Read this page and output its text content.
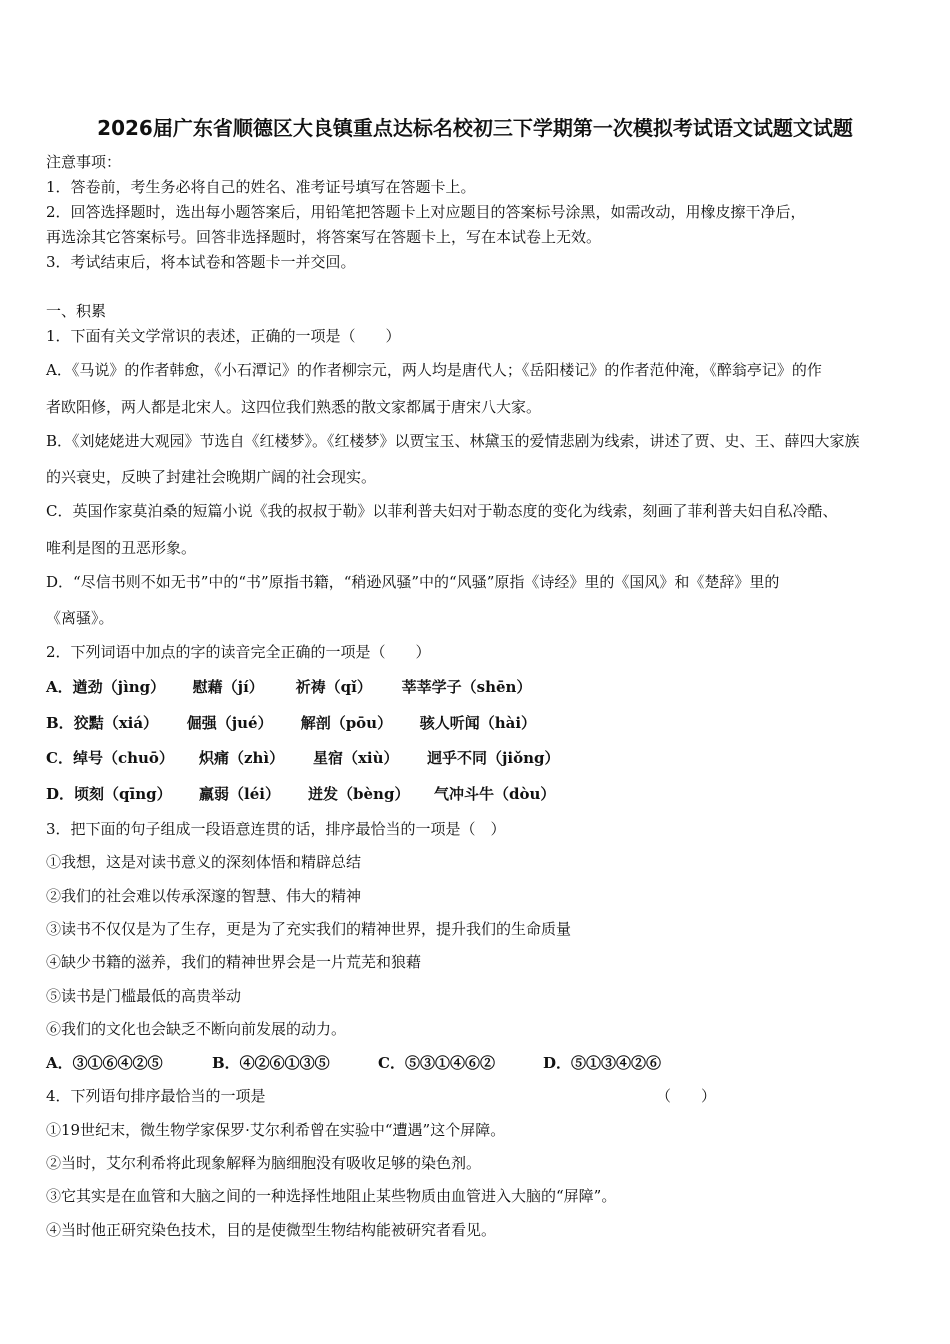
2026届广东省顺德区大良镇重点达标名校初三下学期第一次模拟考试语文试题文试题
注意事项：
1．答卷前，考生务必将自己的姓名、准考证号填写在答题卡上。
2．回答选择题时，选出每小题答案后，用铅笔把答题卡上对应题目的答案标号涂黑，如需改动，用橡皮擦干净后，
再选涂其它答案标号。回答非选择题时，将答案写在答题卡上，写在本试卷上无效。
3．考试结束后，将本试卷和答题卡一并交回。
一、积累
1．下面有关文学常识的表述，正确的一项是（　　）
A．《马说》的作者韩愈，《小石潭记》的作者柳宗元，两人均是唐代人；《岳阳楼记》的作者范仲淹，《醉翁亭记》的作
者欧阳修，两人都是北宋人。这四位我们熟悉的散文家都属于唐宋八大家。
B．《刘姥姥进大观园》节选自《红楼梦》。《红楼梦》以贾宝玉、林黛玉的爱情悲剧为线索，讲述了贾、史、王、薛四大家族
的兴衰史，反映了封建社会晚期广阔的社会现实。
C．英国作家莫泊桑的短篇小说《我的叔叔于勒》以菲利普夫妇对于勒态度的变化为线索，刻画了菲利普夫妇自私冷酷、
唯利是图的丑恶形象。
D．“尽信书则不如无书”中的“书”原指书籍，“稍逊风骚”中的“风骚”原指《诗经》里的《国风》和《楚辞》里的
《离骚》。
2．下列词语中加点的字的读音完全正确的一项是（　　）
A．遒劲（jìng） 慰藉（jí） 祈祷（qǐ） 莘莘学子（shēn）
B．狡黠（xiá） 倔强（jué） 解剖（pōu） 骇人听闻（hài）
C．绰号（chuō） 炽痛（zhì） 星宿（xiù） 迥乎不同（jiǒng）
D．顷刻（qīng） 羸弱（léi） 迸发（bèng） 气冲斗牛（dòu）
3．把下面的句子组成一段语意连贯的话，排序最恰当的一项是（　）
①我想，这是对读书意义的深刻体悟和精辟总结
②我们的社会难以传承深邃的智慧、伟大的精神
③读书不仅仅是为了生存，更是为了充实我们的精神世界，提升我们的生命质量
④缺少书籍的滋养，我们的精神世界会是一片荒芜和狼藉
⑤读书是门槛最低的高贵举动
⑥我们的文化也会缺乏不断向前发展的动力。
A．③①⑥④②⑤	B．④②⑥①③⑤	C．⑤③①④⑥②	D．⑤①③④②⑥
4．下列语句排序最恰当的一项是	（　　）
①19世纪末，微生物学家保罗·艾尔利希曾在实验中“遭遇”这个屏障。
②当时，艾尔利希将此现象解释为脑细胞没有吸收足够的染色剂。
③它其实是在血管和大脑之间的一种选择性地阻止某些物质由血管进入大脑的“屏障”。
④当时他正研究染色技术，目的是使微型生物结构能被研究者看见。
